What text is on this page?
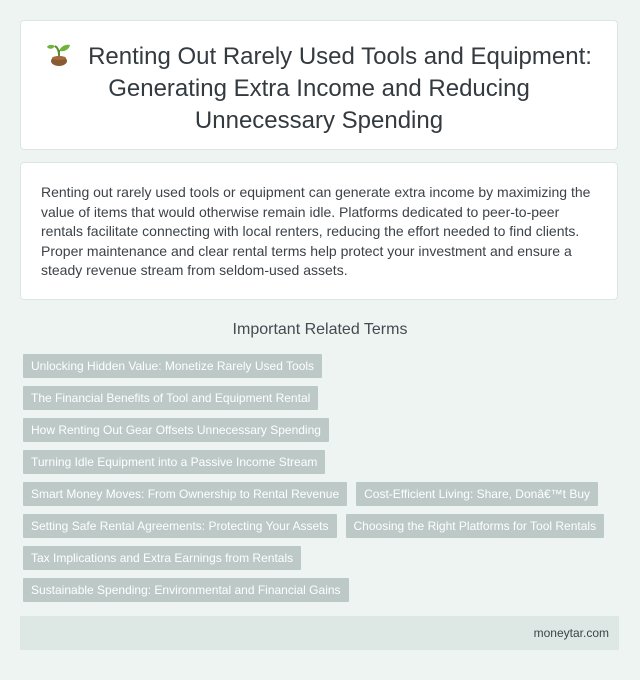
Renting Out Rarely Used Tools and Equipment: Generating Extra Income and Reducing Unnecessary Spending

Renting out rarely used tools or equipment can generate extra income by maximizing the value of items that would otherwise remain idle. Platforms dedicated to peer-to-peer rentals facilitate connecting with local renters, reducing the effort needed to find clients. Proper maintenance and clear rental terms help protect your investment and ensure a steady revenue stream from seldom-used assets.

Important Related Terms
Unlocking Hidden Value: Monetize Rarely Used Tools
The Financial Benefits of Tool and Equipment Rental
How Renting Out Gear Offsets Unnecessary Spending
Turning Idle Equipment into a Passive Income Stream
Smart Money Moves: From Ownership to Rental Revenue	Cost-Efficient Living: Share, Donâ€™t Buy
Setting Safe Rental Agreements: Protecting Your Assets	Choosing the Right Platforms for Tool Rentals
Tax Implications and Extra Earnings from Rentals
Sustainable Spending: Environmental and Financial Gains
moneytar.com
